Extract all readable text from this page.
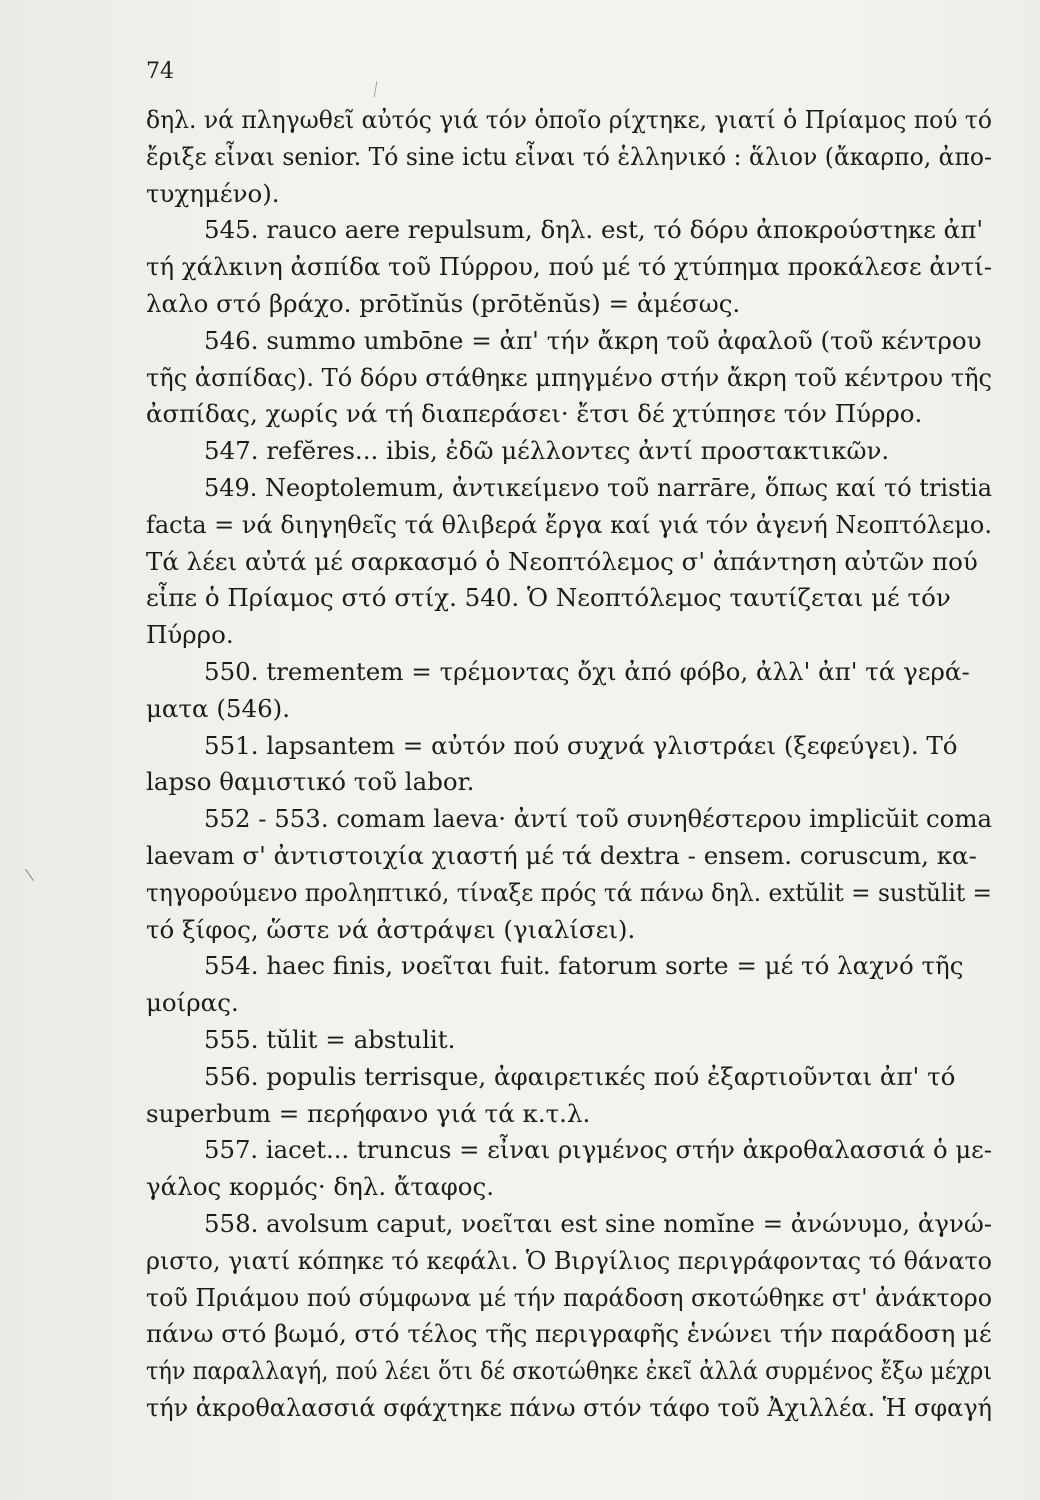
74
δηλ. νά πληγωθεῖ αὐτός γιά τόν ὁποῖο ρίχτηκε, γιατί ὁ Πρίαμος πού τό
ἔριξε εἶναι senior. Τό sine ictu εἶναι τό ἑλληνικό : ἅλιον (ἄκαρπο, ἀπο-
τυχημένο).
545. rauco aere repulsum, δηλ. est, τό δόρυ ἀποκρούστηκε ἀπ'
τή χάλκινη ἀσπίδα τοῦ Πύρρου, πού μέ τό χτύπημα προκάλεσε ἀντί-
λαλο στό βράχο. prōtĭnŭs (prōtĕnŭs) = ἀμέσως.
546. summo umbōne = ἀπ' τήν ἄκρη τοῦ ἀφαλοῦ (τοῦ κέντρου
τῆς ἀσπίδας). Τό δόρυ στάθηκε μπηγμένο στήν ἄκρη τοῦ κέντρου τῆς
ἀσπίδας, χωρίς νά τή διαπεράσει· ἔτσι δέ χτύπησε τόν Πύρρο.
547. refĕres... ibis, ἐδῶ μέλλοντες ἀντί προστακτικῶν.
549. Neoptolemum, ἀντικείμενο τοῦ narrāre, ὅπως καί τό tristia
facta = νά διηγηθεῖς τά θλιβερά ἔργα καί γιά τόν ἀγενή Νεοπτόλεμο.
Τά λέει αὐτά μέ σαρκασμό ὁ Νεοπτόλεμος σ' ἀπάντηση αὐτῶν πού
εἶπε ὁ Πρίαμος στό στίχ. 540. Ὁ Νεοπτόλεμος ταυτίζεται μέ τόν
Πύρρο.
550. trementem = τρέμοντας ὄχι ἀπό φόβο, ἀλλ' ἀπ' τά γερά-
ματα (546).
551. lapsantem = αὐτόν πού συχνά γλιστράει (ξεφεύγει). Τό
lapso θαμιστικό τοῦ labor.
552 - 553. comam laeva· ἀντί τοῦ συνηθέστερου implicŭit coma
laevam σ' ἀντιστοιχία χιαστή μέ τά dextra - ensem. coruscum, κα-
τηγορούμενο προληπτικό, τίναξε πρός τά πάνω δηλ. extŭlit = sustŭlit =
τό ξίφος, ὥστε νά ἀστράψει (γιαλίσει).
554. haec finis, νοεῖται fuit. fatorum sorte = μέ τό λαχνό τῆς
μοίρας.
555. tŭlit = abstulit.
556. populis terrisque, ἀφαιρετικές πού ἐξαρτιοῦνται ἀπ' τό
superbum = περήφανο γιά τά κ.τ.λ.
557. iacet... truncus = εἶναι ριγμένος στήν ἀκροθαλασσιά ὁ με-
γάλος κορμός· δηλ. ἄταφος.
558. avolsum caput, νοεῖται est sine nomĭne = ἀνώνυμο, ἀγνώ-
ριστο, γιατί κόπηκε τό κεφάλι. Ὁ Βιργίλιος περιγράφοντας τό θάνατο
τοῦ Πριάμου πού σύμφωνα μέ τήν παράδοση σκοτώθηκε στ' ἀνάκτορο
πάνω στό βωμό, στό τέλος τῆς περιγραφῆς ἑνώνει τήν παράδοση μέ
τήν παραλλαγή, πού λέει ὅτι δέ σκοτώθηκε ἐκεῖ ἀλλά συρμένος ἔξω μέχρι
τήν ἀκροθαλασσιά σφάχτηκε πάνω στόν τάφο τοῦ Ἀχιλλέα. Ἡ σφαγή
